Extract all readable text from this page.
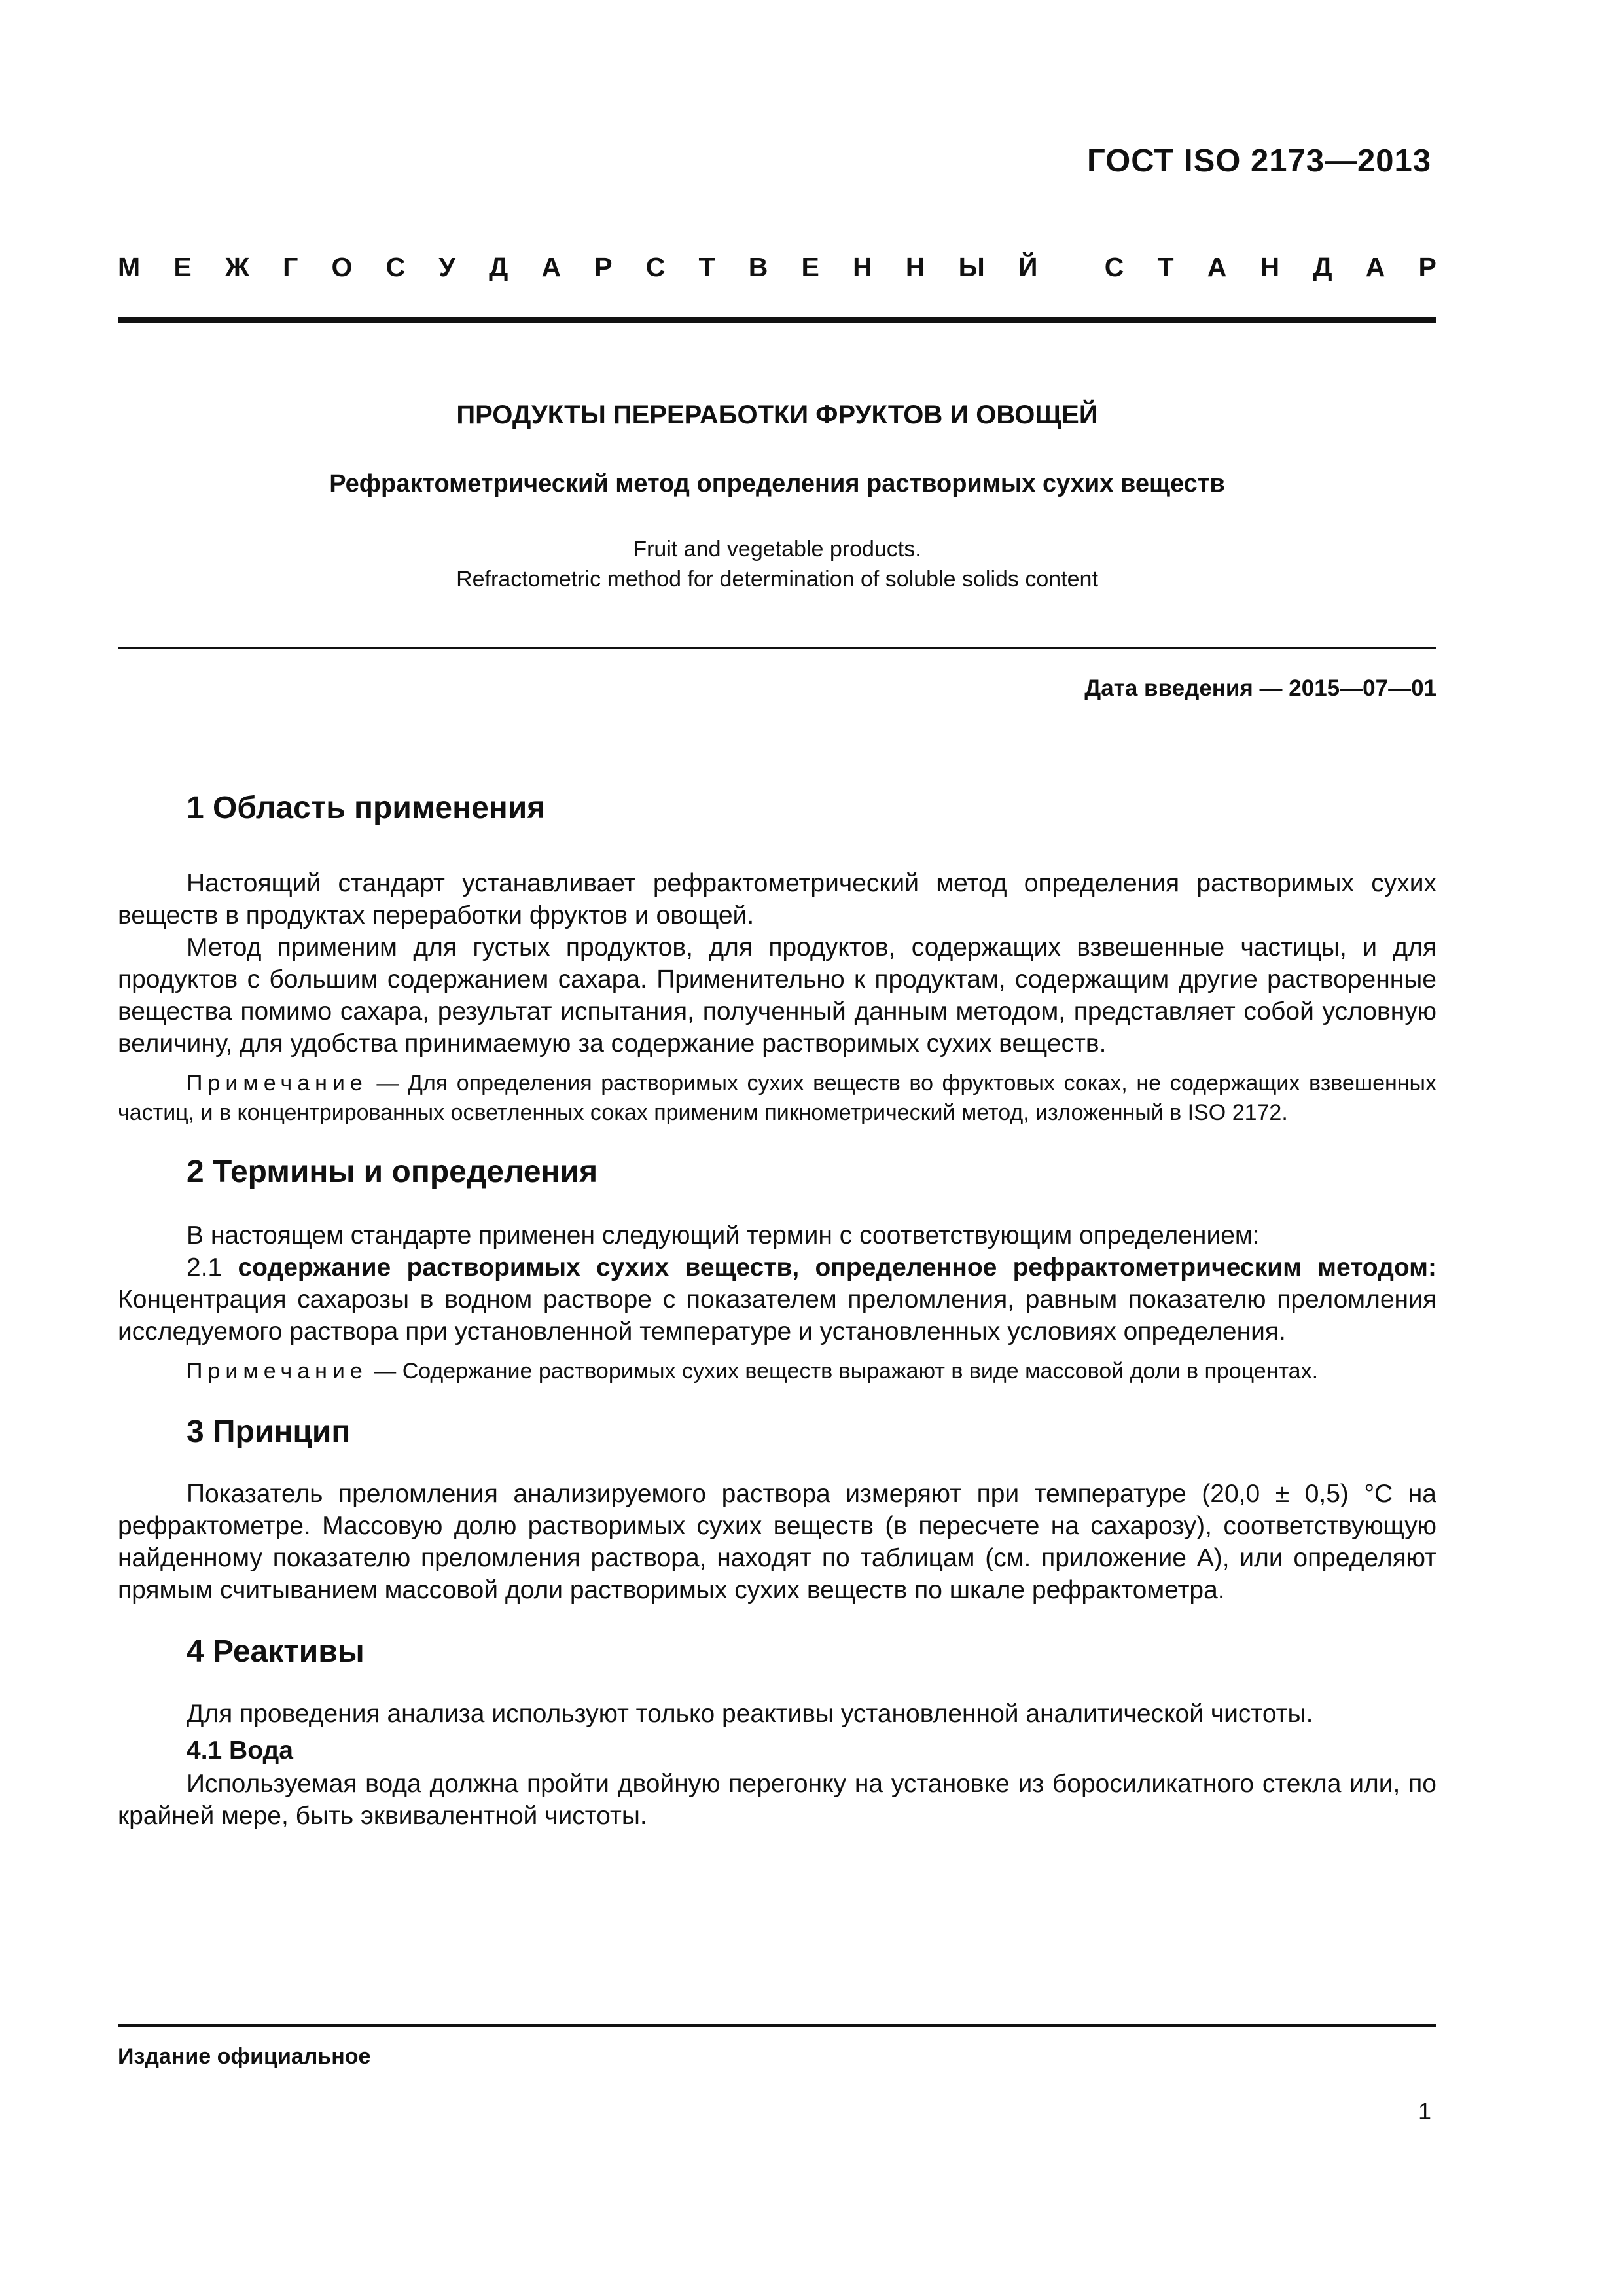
ГОСТ ISO 2173—2013
М Е Ж Г О С У Д А Р С Т В Е Н Н Ы Й С Т А Н Д А Р
ПРОДУКТЫ ПЕРЕРАБОТКИ ФРУКТОВ И ОВОЩЕЙ
Рефрактометрический метод определения растворимых сухих веществ
Fruit and vegetable products.
Refractometric method for determination of soluble solids content
Дата введения — 2015—07—01
1 Область применения

Настоящий стандарт устанавливает рефрактометрический метод определения растворимых сухих веществ в продуктах переработки фруктов и овощей.

Метод применим для густых продуктов, для продуктов, содержащих взвешенные частицы, и для продуктов с большим содержанием сахара. Применительно к продуктам, содержащим другие растворенные вещества помимо сахара, результат испытания, полученный данным методом, представляет собой условную величину, для удобства принимаемую за содержание растворимых сухих веществ.

Примечание — Для определения растворимых сухих веществ во фруктовых соках, не содержащих взвешенных частиц, и в концентрированных осветленных соках применим пикнометрический метод, изложенный в ISO 2172.

2 Термины и определения

В настоящем стандарте применен следующий термин с соответствующим определением:

2.1 содержание растворимых сухих веществ, определенное рефрактометрическим методом: Концентрация сахарозы в водном растворе с показателем преломления, равным показателю преломления исследуемого раствора при установленной температуре и установленных условиях определения.

Примечание — Содержание растворимых сухих веществ выражают в виде массовой доли в процентах.

3 Принцип

Показатель преломления анализируемого раствора измеряют при температуре (20,0 ± 0,5) °С на рефрактометре. Массовую долю растворимых сухих веществ (в пересчете на сахарозу), соответствующую найденному показателю преломления раствора, находят по таблицам (см. приложение А), или определяют прямым считыванием массовой доли растворимых сухих веществ по шкале рефрактометра.

4 Реактивы

Для проведения анализа используют только реактивы установленной аналитической чистоты.

4.1 Вода

Используемая вода должна пройти двойную перегонку на установке из боросиликатного стекла или, по крайней мере, быть эквивалентной чистоты.

Издание официальное
1
